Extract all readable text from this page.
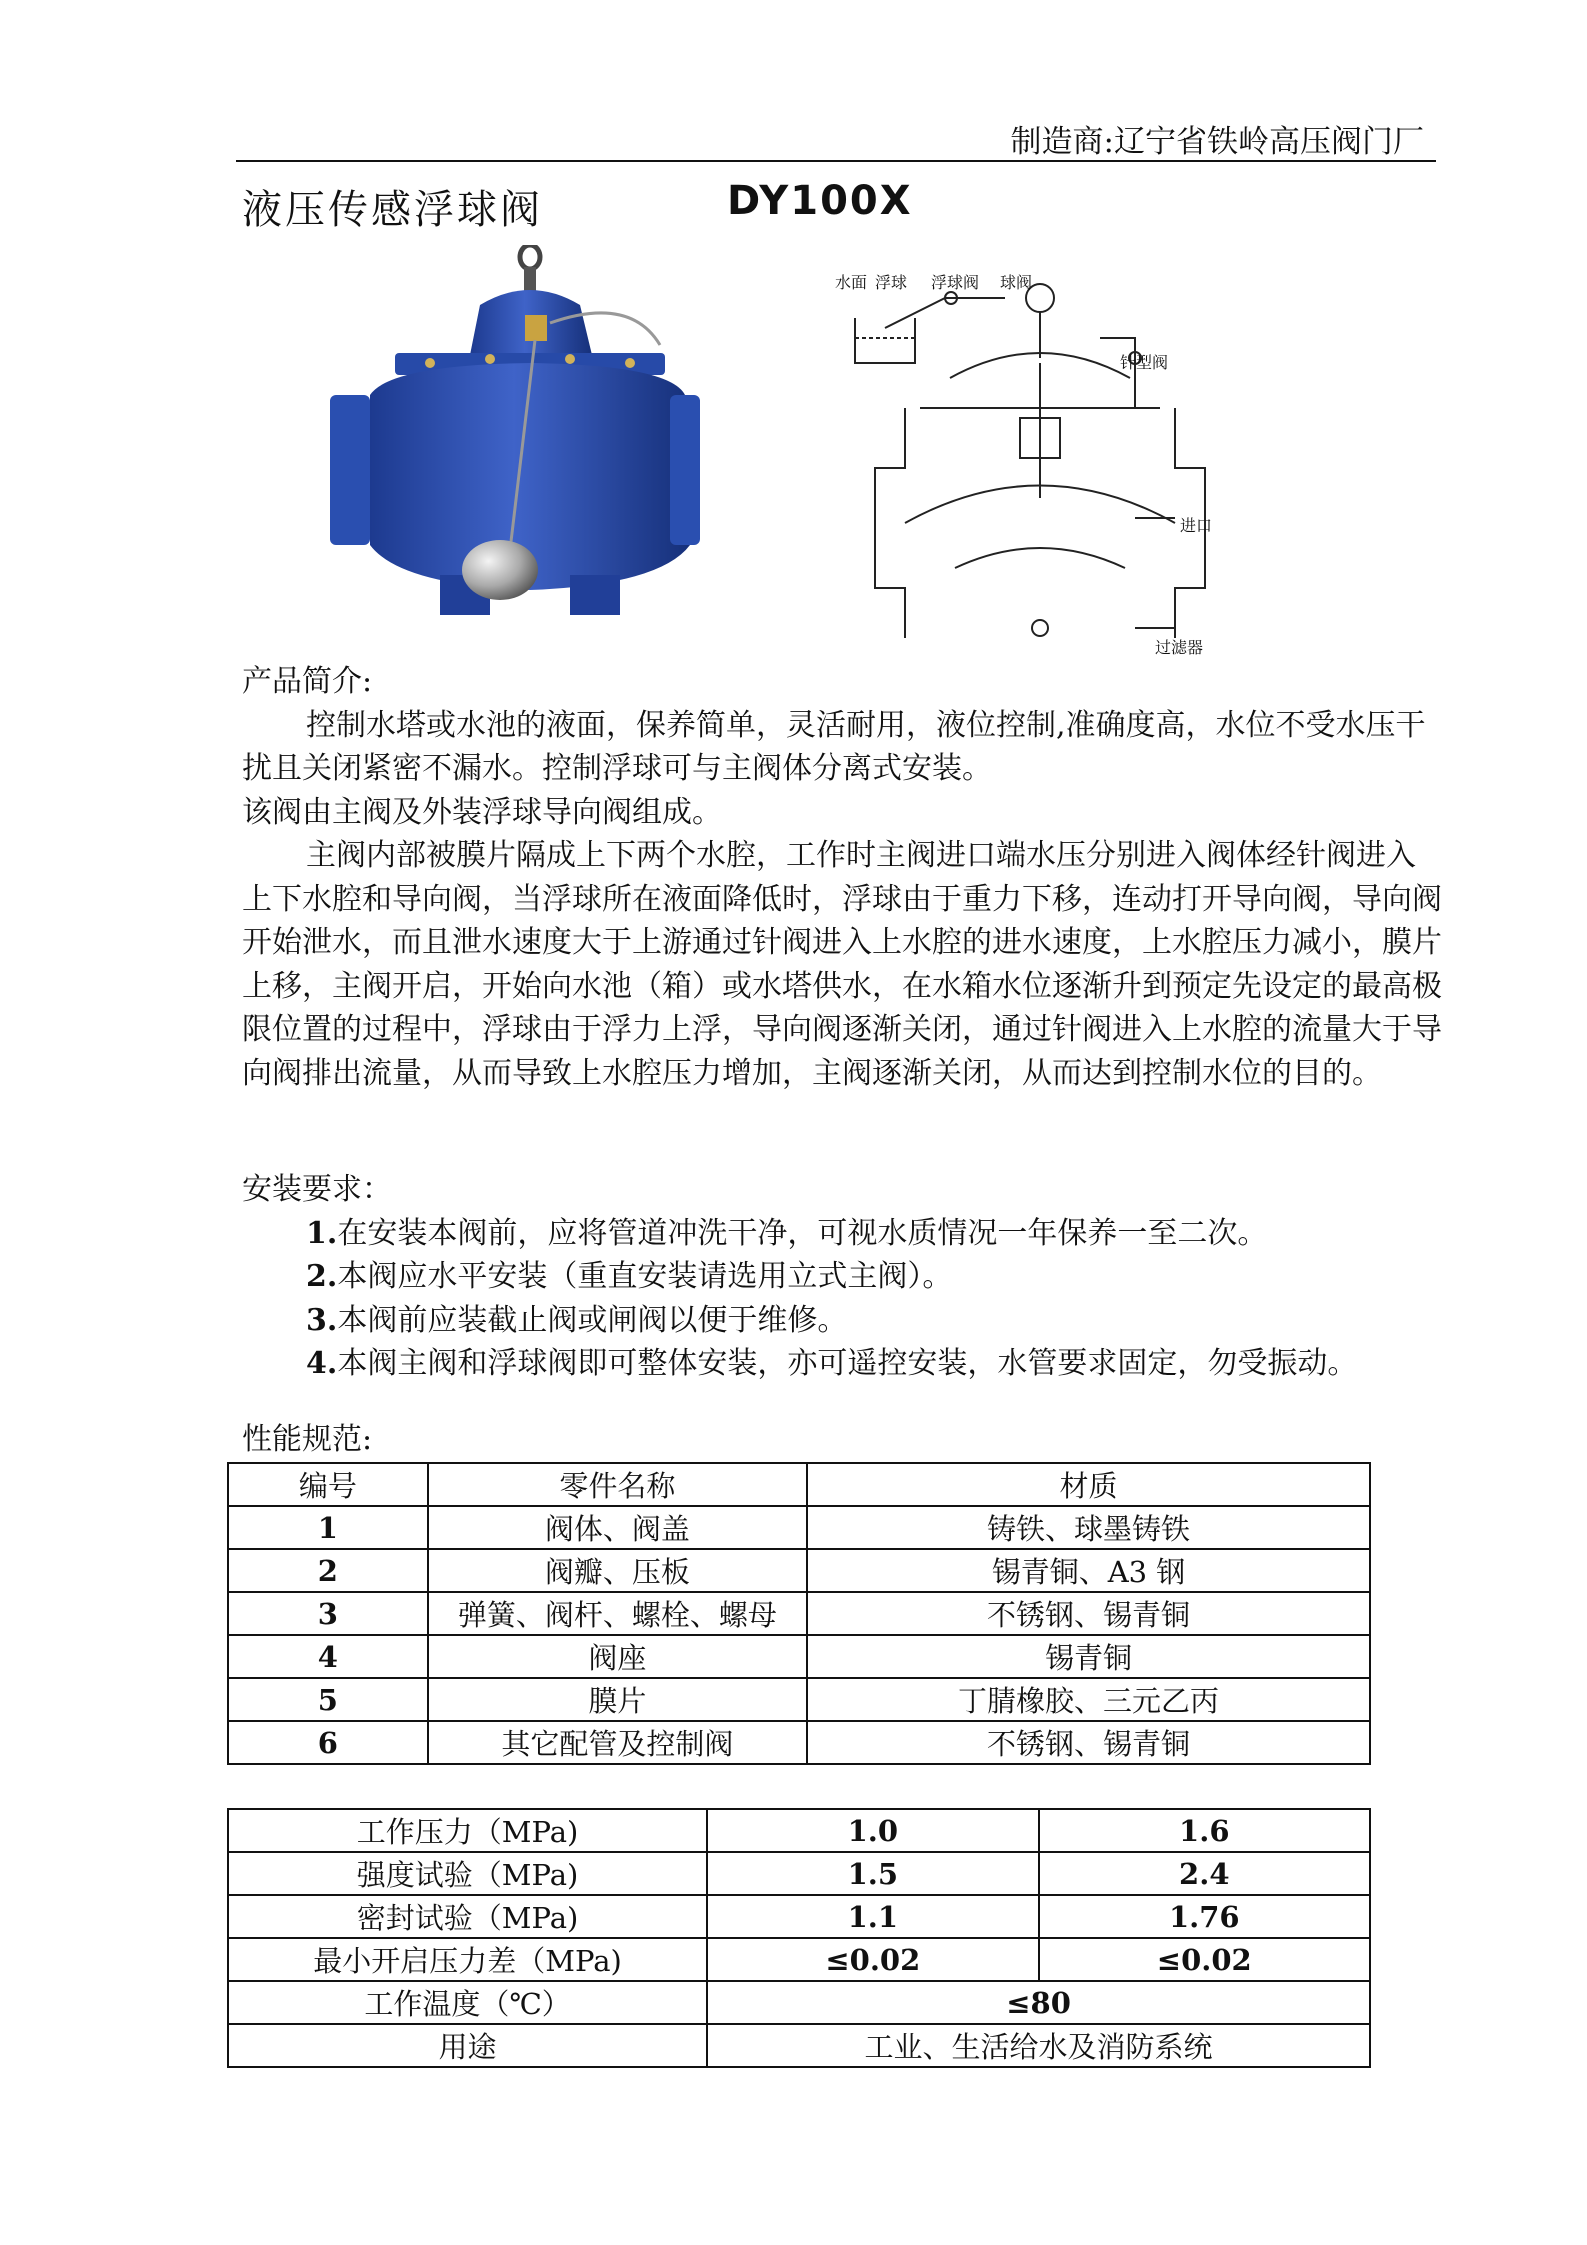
制造商:辽宁省铁岭高压阀门厂
液压传感浮球阀	DY100X
水面 浮球 浮球阀 球阀
针型阀
进口
过滤器

产品简介:

控制水塔或水池的液面，保养简单，灵活耐用，液位控制,准确度高，水位不受水压干扰且关闭紧密不漏水。控制浮球可与主阀体分离式安装。

该阀由主阀及外装浮球导向阀组成。

主阀内部被膜片隔成上下两个水腔，工作时主阀进口端水压分别进入阀体经针阀进入上下水腔和导向阀，当浮球所在液面降低时，浮球由于重力下移，连动打开导向阀，导向阀开始泄水，而且泄水速度大于上游通过针阀进入上水腔的进水速度，上水腔压力减小，膜片上移，主阀开启，开始向水池（箱）或水塔供水，在水箱水位逐渐升到预定先设定的最高极限位置的过程中，浮球由于浮力上浮，导向阀逐渐关闭，通过针阀进入上水腔的流量大于导向阀排出流量，从而导致上水腔压力增加，主阀逐渐关闭，从而达到控制水位的目的。

安装要求：

1.在安装本阀前，应将管道冲洗干净，可视水质情况一年保养一至二次。

2.本阀应水平安装（重直安装请选用立式主阀）。

3.本阀前应装截止阀或闸阀以便于维修。

4.本阀主阀和浮球阀即可整体安装，亦可遥控安装，水管要求固定，勿受振动。

性能规范:
编号	零件名称	材质
1	阀体、阀盖	铸铁、球墨铸铁
2	阀瓣、压板	锡青铜、A3 钢
3	弹簧、阀杆、螺栓、螺母	不锈钢、锡青铜
4	阀座	锡青铜
5	膜片	丁腈橡胶、三元乙丙
6	其它配管及控制阀	不锈钢、锡青铜
工作压力（MPa)	1.0	1.6
强度试验（MPa)	1.5	2.4
密封试验（MPa)	1.1	1.76
最小开启压力差（MPa)	≤0.02	≤0.02
工作温度（℃）	≤80	
用途	工业、生活给水及消防系统	
